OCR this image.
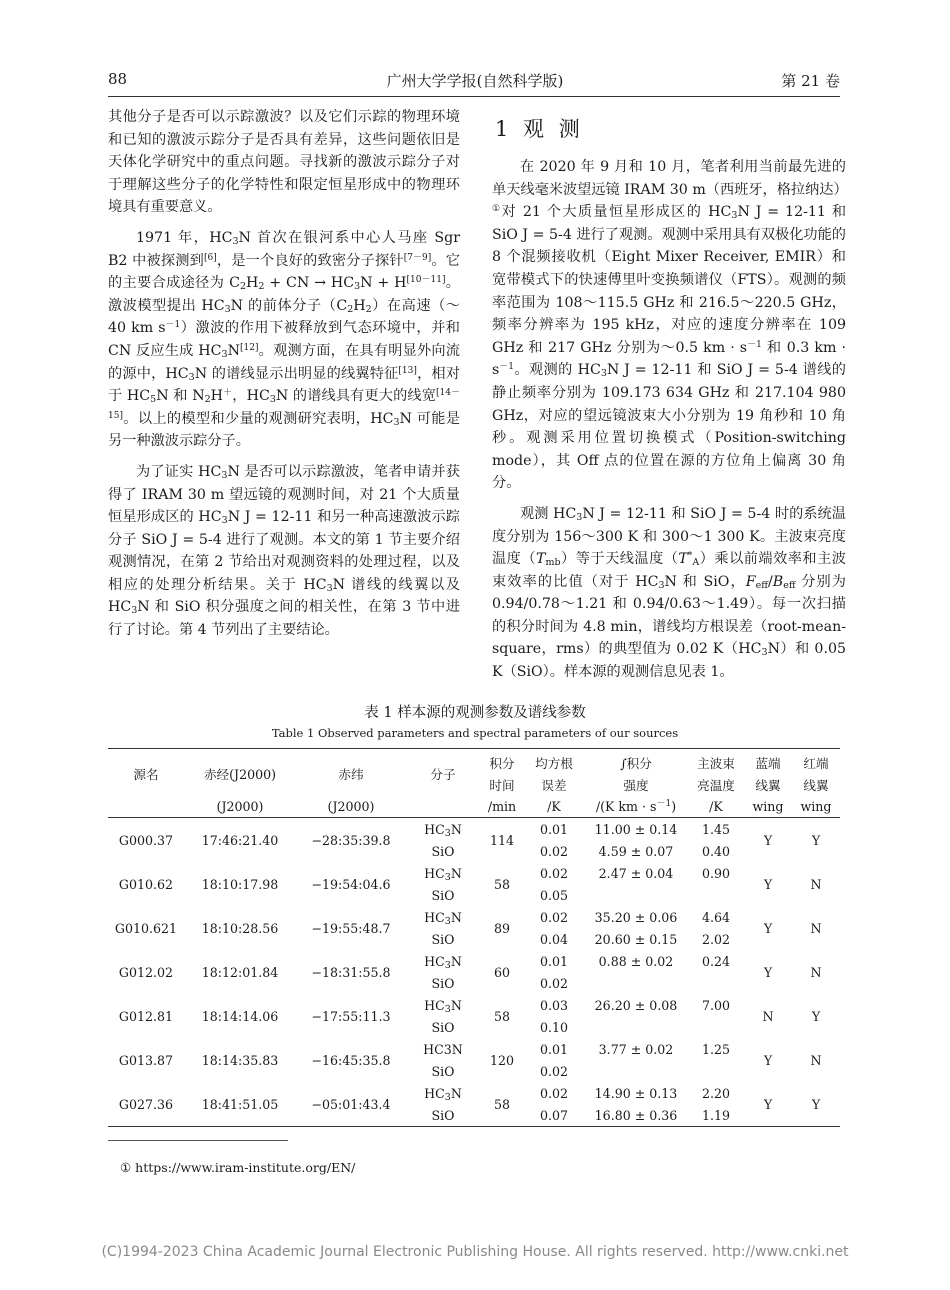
88	广州大学学报(自然科学版)	第 21 卷

其他分子是否可以示踪激波？以及它们示踪的物理环境和已知的激波示踪分子是否具有差异，这些问题依旧是天体化学研究中的重点问题。寻找新的激波示踪分子对于理解这些分子的化学特性和限定恒星形成中的物理环境具有重要意义。

1971 年，$HC_3N$ 首次在银河系中心人马座 Sgr B2 中被探测到[6]，是一个良好的致密分子探针[7－9]。它的主要合成途径为 $C_2H_2$ + CN → $HC_3N + H[10-11]$。激波模型提出 $HC_3N$ 的前体分子$(C_2H_2)$在高速（～40 km $s^{-1}$）激波的作用下被释放到气态环境中，并和 CN 反应生成 $HC_3N[12]$。观测方面，在具有明显外向流的源中，$HC_3N$ 的谱线显示出明显的线翼特征[13]，相对于 $HC_5N$ 和 $N_2H^+$，$HC_3N$ 的谱线具有更大的线宽[14－15]。以上的模型和少量的观测研究表明，$HC_3N$ 可能是另一种激波示踪分子。

为了证实 $HC_3N$ 是否可以示踪激波，笔者申请并获得了 IRAM 30 m 望远镜的观测时间，对 21 个大质量恒星形成区的 $HC_3N$ J = 12-11 和另一种高速激波示踪分子 SiO J = 5-4 进行了观测。本文的第 1 节主要介绍观测情况，在第 2 节给出对观测资料的处理过程，以及相应的处理分析结果。关于 $HC_3N$ 谱线的线翼以及 $HC_3N$ 和 SiO 积分强度之间的相关性，在第 3 节中进行了讨论。第 4 节列出了主要结论。

1 观 测

在 2020 年 9 月和 10 月，笔者利用当前最先进的单天线毫米波望远镜 IRAM 30 m（西班牙，格拉纳达）①对 21 个大质量恒星形成区的 $HC_3N$ J = 12-11 和 SiO J = 5-4 进行了观测。观测中采用具有双极化功能的 8 个混频接收机（Eight Mixer Receiver, EMIR）和宽带模式下的快速傅里叶变换频谱仪（FTS）。观测的频率范围为 108～115.5 GHz 和 216.5～220.5 GHz，频率分辨率为 195 kHz，对应的速度分辨率在 109 GHz 和 217 GHz 分别为～0.5 km · $s^{-1}$ 和 0.3 km · $s^{-1}$。观测的 $HC_3N$ J = 12-11 和 SiO J = 5-4 谱线的静止频率分别为 109.173 634 GHz 和 217.104 980 GHz，对应的望远镜波束大小分别为 19 角秒和 10 角秒。观测采用位置切换模式（Position-switching mode），其 Off 点的位置在源的方位角上偏离 30 角分。

观测 $HC_3N$ J = 12-11 和 SiO J = 5-4 时的系统温度分别为 156～300 K 和 300～1 300 K。主波束亮度温度$(T_{mb})$等于天线温度$(T^*_A)$乘以前端效率和主波束效率的比值（对于 $HC_3N$ 和 SiO，$F_{eff}/B_{eff}$ 分别为 0.94/0.78～1.21 和 0.94/0.63～1.49）。每一次扫描的积分时间为 4.8 min，谱线均方根误差（root-mean-square，rms）的典型值为 0.02 $K(HC_3N)$和 0.05 K（SiO）。样本源的观测信息见表 1。

表 1 样本源的观测参数及谱线参数
Table 1 Observed parameters and spectral parameters of our sources
源名	赤经(J2000)	赤纬	分子	积分	均方根	∫积分	主波束	蓝端	红端
				时间	误差	强度	亮温度	线翼	线翼
	(J2000)	(J2000)		/min	/K	/(K km · $s^{-1}$)	/K	wing	wing
G000.37	17:46:21.40	−28:35:39.8	$HC_3N$	114	0.01	11.00 ± 0.14	1.45	Y	Y
			SiO		0.02	4.59 ± 0.07	0.40		
G010.62	18:10:17.98	−19:54:04.6	$HC_3N$	58	0.02	2.47 ± 0.04	0.90	Y	N
			SiO		0.05				
G010.621	18:10:28.56	−19:55:48.7	$HC_3N$	89	0.02	35.20 ± 0.06	4.64	Y	N
			SiO		0.04	20.60 ± 0.15	2.02		
G012.02	18:12:01.84	−18:31:55.8	$HC_3N$	60	0.01	0.88 ± 0.02	0.24	Y	N
			SiO		0.02				
G012.81	18:14:14.06	−17:55:11.3	$HC_3N$	58	0.03	26.20 ± 0.08	7.00	N	Y
			SiO		0.10				
G013.87	18:14:35.83	−16:45:35.8	HC3N	120	0.01	3.77 ± 0.02	1.25	Y	N
			SiO		0.02				
G027.36	18:41:51.05	−05:01:43.4	$HC_3N$	58	0.02	14.90 ± 0.13	2.20	Y	Y
			SiO		0.07	16.80 ± 0.36	1.19		
① https://www.iram-institute.org/EN/
(C)1994-2023 China Academic Journal Electronic Publishing House. All rights reserved. http://www.cnki.net
